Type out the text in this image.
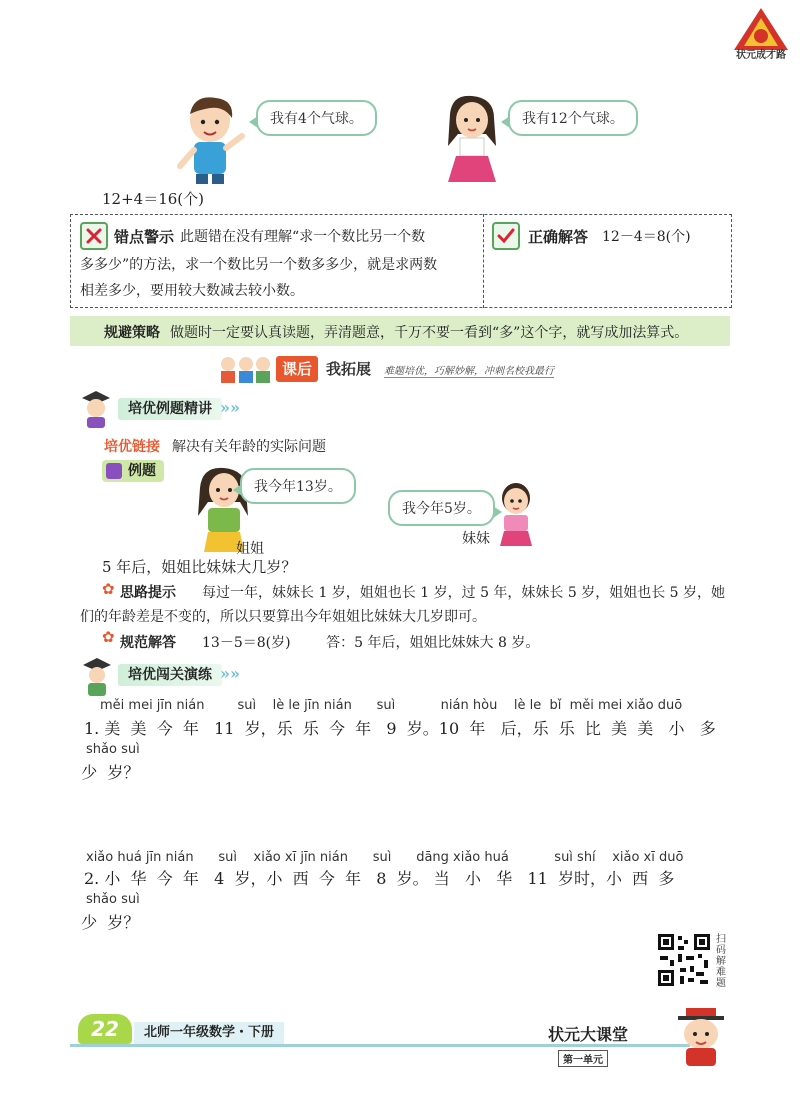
状元成才路
我有4个气球。	我有12个气球。
12+4＝16(个)
错点警示 此题错在没有理解“求一个数比另一个数
多多少”的方法，求一个数比另一个数多多少，就是求两数
相差多少，要用较大数减去较小数。
正确解答 12－4＝8(个)
规避策略 做题时一定要认真读题，弄清题意，千万不要一看到“多”这个字，就写成加法算式。
课后 我拓展	难题培优，巧解妙解，冲刺名校我最行
培优例题精讲 »»
培优链接 解决有关年龄的实际问题
例题
我今年13岁。
姐姐
我今年5岁。
妹妹
5 年后，姐姐比妹妹大几岁？
✿ 思路提示 每过一年，妹妹长 1 岁，姐姐也长 1 岁，过 5 年，妹妹长 5 岁，姐姐也长 5 岁，她
们的年龄差是不变的，所以只要算出今年姐姐比妹妹大几岁即可。
✿ 规范解答 13－5＝8(岁)        答：5 年后，姐姐比妹妹大 8 岁。
培优闯关演练 »»
měi mei jīn nián        suì    lè le jīn nián      suì           nián hòu    lè le  bǐ  měi mei xiǎo duō
1. 美  美  今  年   11  岁，乐  乐  今  年   9  岁。10  年   后，乐  乐  比  美  美   小   多
shǎo suì
少  岁？
xiǎo huá jīn nián      suì    xiǎo xī jīn nián      suì      dāng xiǎo huá           suì shí    xiǎo xī duō
2. 小  华  今  年   4  岁，小  西  今  年   8  岁。 当   小   华   11  岁时，小  西  多
shǎo suì
少  岁？
扫码解难题
22	北师一年级数学・下册	状元大课堂
第一单元
